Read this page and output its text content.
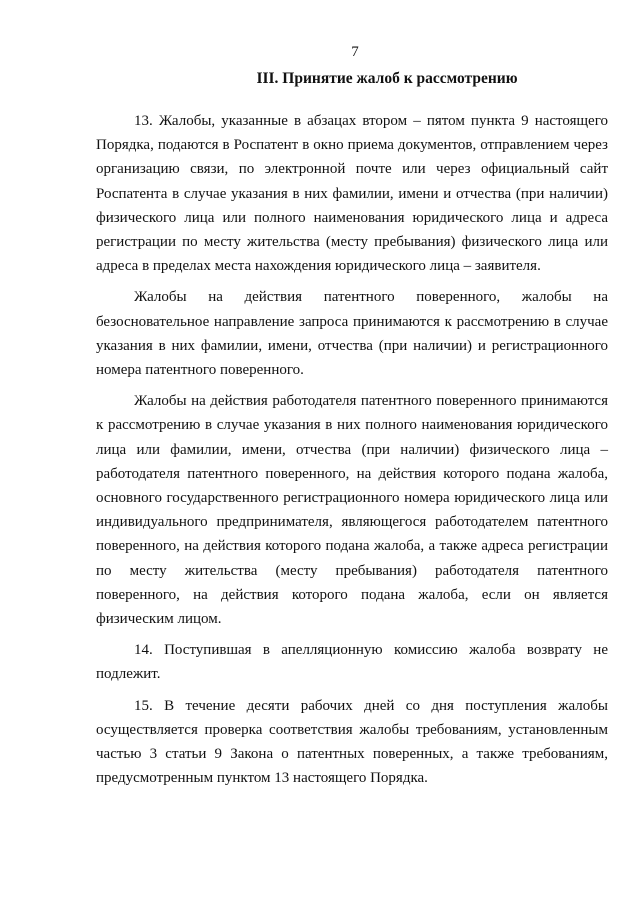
7
III. Принятие жалоб к рассмотрению

13. Жалобы, указанные в абзацах втором – пятом пункта 9 настоящего Порядка, подаются в Роспатент в окно приема документов, отправлением через организацию связи, по электронной почте или через официальный сайт Роспатента в случае указания в них фамилии, имени и отчества (при наличии) физического лица или полного наименования юридического лица и адреса регистрации по месту жительства (месту пребывания) физического лица или адреса в пределах места нахождения юридического лица – заявителя.

Жалобы на действия патентного поверенного, жалобы на безосновательное направление запроса принимаются к рассмотрению в случае указания в них фамилии, имени, отчества (при наличии) и регистрационного номера патентного поверенного.

Жалобы на действия работодателя патентного поверенного принимаются к рассмотрению в случае указания в них полного наименования юридического лица или фамилии, имени, отчества (при наличии) физического лица – работодателя патентного поверенного, на действия которого подана жалоба, основного государственного регистрационного номера юридического лица или индивидуального предпринимателя, являющегося работодателем патентного поверенного, на действия которого подана жалоба, а также адреса регистрации по месту жительства (месту пребывания) работодателя патентного поверенного, на действия которого подана жалоба, если он является физическим лицом.

14. Поступившая в апелляционную комиссию жалоба возврату не подлежит.

15. В течение десяти рабочих дней со дня поступления жалобы осуществляется проверка соответствия жалобы требованиям, установленным частью 3 статьи 9 Закона о патентных поверенных, а также требованиям, предусмотренным пунктом 13 настоящего Порядка.
